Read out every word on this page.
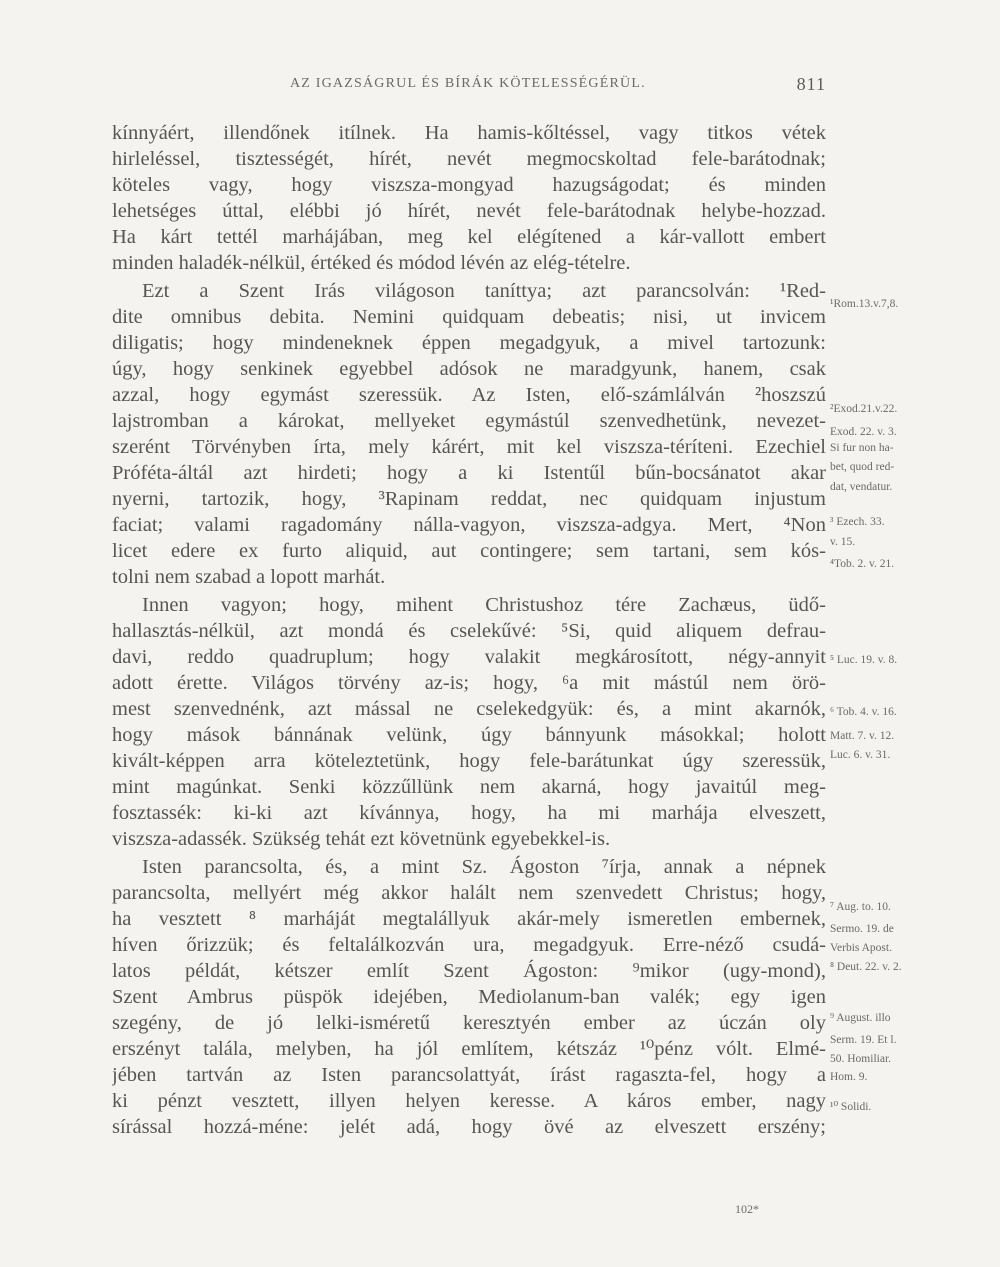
AZ IGAZSÁGRUL ÉS BÍRÁK KÖTELESSÉGÉRÜL.	811
kínnyáért, illendőnek itílnek. Ha hamis-kőltéssel, vagy titkos vétek
hirleléssel, tisztességét, hírét, nevét megmocskoltad fele-barátodnak;
köteles vagy, hogy viszsza-mongyad hazugságodat; és minden
lehetséges úttal, elébbi jó hírét, nevét fele-barátodnak helybe-hozzad.
Ha kárt tettél marhájában, meg kel elégítened a kár-vallott embert
minden haladék-nélkül, értéked és módod lévén az elég-tételre.
Ezt a Szent Irás világoson taníttya; azt parancsolván: ¹Red-
dite omnibus debita. Nemini quidquam debeatis; nisi, ut invicem
diligatis; hogy mindeneknek éppen megadgyuk, a mivel tartozunk:
úgy, hogy senkinek egyebbel adósok ne maradgyunk, hanem, csak
azzal, hogy egymást szeressük. Az Isten, elő-számlálván ²hoszszú
lajstromban a károkat, mellyeket egymástúl szenvedhetünk, nevezet-
szerént Törvényben írta, mely kárért, mit kel viszsza-téríteni. Ezechiel
Próféta-áltál azt hirdeti; hogy a ki Istentűl bűn-bocsánatot akar
nyerni, tartozik, hogy, ³Rapinam reddat, nec quidquam injustum
faciat; valami ragadomány nálla-vagyon, viszsza-adgya. Mert, ⁴Non
licet edere ex furto aliquid, aut contingere; sem tartani, sem kós-
tolni nem szabad a lopott marhát.
Innen vagyon; hogy, mihent Christushoz tére Zachæus, üdő-
hallasztás-nélkül, azt mondá és cselekűvé: ⁵Si, quid aliquem defrau-
davi, reddo quadruplum; hogy valakit megkárosított, négy-annyit
adott érette. Világos törvény az-is; hogy, ⁶a mit mástúl nem örö-
mest szenvednénk, azt mással ne cselekedgyük: és, a mint akarnók,
hogy mások bánnának velünk, úgy bánnyunk másokkal; holott
kivált-képpen arra köteleztetünk, hogy fele-barátunkat úgy szeressük,
mint magúnkat. Senki közzűllünk nem akarná, hogy javaitúl meg-
fosztassék: ki-ki azt kívánnya, hogy, ha mi marhája elveszett,
viszsza-adassék. Szükség tehát ezt követnünk egyebekkel-is.
Isten parancsolta, és, a mint Sz. Ágoston ⁷írja, annak a népnek
parancsolta, mellyért még akkor halált nem szenvedett Christus; hogy,
ha vesztett ⁸ marháját megtalállyuk akár-mely ismeretlen embernek,
híven őrizzük; és feltalálkozván ura, megadgyuk. Erre-néző csudá-
latos példát, kétszer említ Szent Ágoston: ⁹mikor (ugy-mond),
Szent Ambrus püspök idejében, Mediolanum-ban valék; egy igen
szegény, de jó lelki-isméretű keresztyén ember az úczán oly
erszényt talála, melyben, ha jól említem, kétszáz ¹⁰pénz vólt. Elmé-
jében tartván az Isten parancsolattyát, írást ragaszta-fel, hogy a
ki pénzt vesztett, illyen helyen keresse. A káros ember, nagy
sírással hozzá-méne: jelét adá, hogy övé az elveszett erszény;
¹Rom.13.v.7,8.
²Exod.21.v.22.
Exod. 22. v. 3.
Si fur non ha-
bet, quod red-
dat, vendatur.
³ Ezech. 33.
v. 15.
⁴Tob. 2. v. 21.
⁵ Luc. 19. v. 8.
⁶ Tob. 4. v. 16.
Matt. 7. v. 12.
Luc. 6. v. 31.
⁷ Aug. to. 10.
Sermo. 19. de
Verbis Apost.
⁸ Deut. 22. v. 2.
⁹ August. illo
Serm. 19. Et l.
50. Homiliar.
Hom. 9.
¹⁰ Solidi.
102*
